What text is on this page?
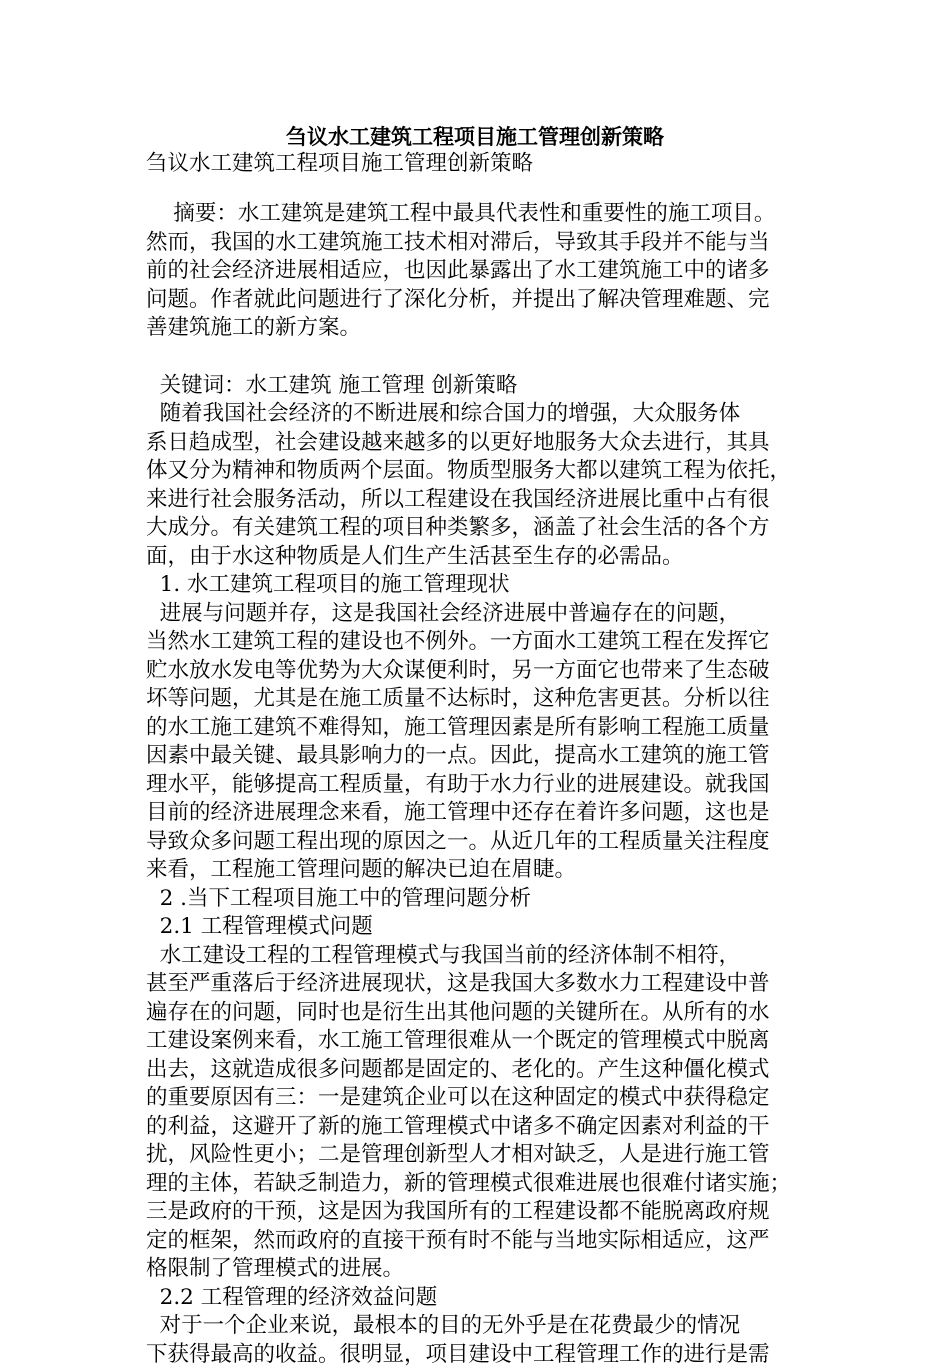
刍议水工建筑工程项目施工管理创新策略
刍议水工建筑工程项目施工管理创新策略

摘要：水工建筑是建筑工程中最具代表性和重要性的施工项目。

然而，我国的水工建筑施工技术相对滞后，导致其手段并不能与当

前的社会经济进展相适应，也因此暴露出了水工建筑施工中的诸多

问题。作者就此问题进行了深化分析，并提出了解决管理难题、完

善建筑施工的新方案。

关键词：水工建筑 施工管理 创新策略

随着我国社会经济的不断进展和综合国力的增强，大众服务体

系日趋成型，社会建设越来越多的以更好地服务大众去进行，其具

体又分为精神和物质两个层面。物质型服务大都以建筑工程为依托，

来进行社会服务活动，所以工程建设在我国经济进展比重中占有很

大成分。有关建筑工程的项目种类繁多，涵盖了社会生活的各个方

面，由于水这种物质是人们生产生活甚至生存的必需品。

1. 水工建筑工程项目的施工管理现状

进展与问题并存，这是我国社会经济进展中普遍存在的问题，

当然水工建筑工程的建设也不例外。一方面水工建筑工程在发挥它

贮水放水发电等优势为大众谋便利时，另一方面它也带来了生态破

坏等问题，尤其是在施工质量不达标时，这种危害更甚。分析以往

的水工施工建筑不难得知，施工管理因素是所有影响工程施工质量

因素中最关键、最具影响力的一点。因此，提高水工建筑的施工管

理水平，能够提高工程质量，有助于水力行业的进展建设。就我国

目前的经济进展理念来看，施工管理中还存在着许多问题，这也是

导致众多问题工程出现的原因之一。从近几年的工程质量关注程度

来看，工程施工管理问题的解决已迫在眉睫。

2 .当下工程项目施工中的管理问题分析

2.1 工程管理模式问题

水工建设工程的工程管理模式与我国当前的经济体制不相符，

甚至严重落后于经济进展现状，这是我国大多数水力工程建设中普

遍存在的问题，同时也是衍生出其他问题的关键所在。从所有的水

工建设案例来看，水工施工管理很难从一个既定的管理模式中脱离

出去，这就造成很多问题都是固定的、老化的。产生这种僵化模式

的重要原因有三：一是建筑企业可以在这种固定的模式中获得稳定

的利益，这避开了新的施工管理模式中诸多不确定因素对利益的干

扰，风险性更小；二是管理创新型人才相对缺乏，人是进行施工管

理的主体，若缺乏制造力，新的管理模式很难进展也很难付诸实施；

三是政府的干预，这是因为我国所有的工程建设都不能脱离政府规

定的框架，然而政府的直接干预有时不能与当地实际相适应，这严

格限制了管理模式的进展。

2.2 工程管理的经济效益问题

对于一个企业来说，最根本的目的无外乎是在花费最少的情况

下获得最高的收益。很明显，项目建设中工程管理工作的进行是需
